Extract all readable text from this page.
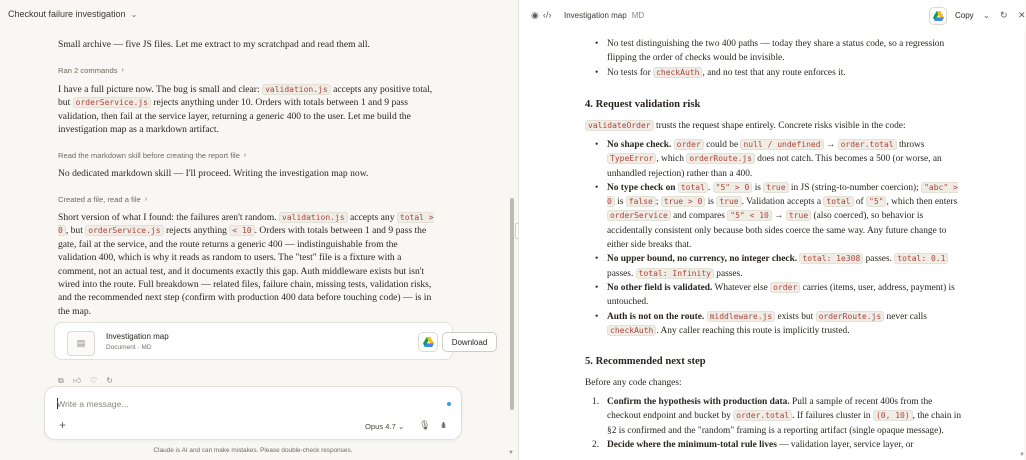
Checkout failure investigation ⌄

Small archive — five JS files. Let me extract to my scratchpad and read them all.

Ran 2 commands ›

I have a full picture now. The bug is small and clear: validation.js accepts any positive total, but orderService.js rejects anything under 10. Orders with totals between 1 and 9 pass validation, then fail at the service layer, returning a generic 400 to the user. Let me build the investigation map as a markdown artifact.

Read the markdown skill before creating the report file ›

No dedicated markdown skill — I'll proceed. Writing the investigation map now.

Created a file, read a file ›

Short version of what I found: the failures aren't random. validation.js accepts any total > 0 , but orderService.js rejects anything < 10 . Orders with totals between 1 and 9 pass the gate, fail at the service, and the route returns a generic 400 — indistinguishable from the validation 400, which is why it reads as random to users. The "test" file is a fixture with a comment, not an actual test, and it documents exactly this gap. Auth middleware exists but isn't wired into the route. Full breakdown — related files, failure chain, missing tests, validation risks, and the recommended next step (confirm with production 400 data before touching code) — is in the map.

▤
Investigation map
Document · MD
Download
⧉ 👍︎ ♡ ↻
Write a message...
+	Opus 4.7 ⌄ 🎙︎ ıllı
Claude is AI and can make mistakes. Please double-check responses.	▼
◉ ‹/› Investigation map MD	Copy ⌄ ↻ ✕
• No test distinguishing the two 400 paths — today they share a status code, so a regression flipping the order of checks would be invisible.
• No tests for checkAuth , and no test that any route enforces it.
4. Request validation risk

validateOrder trusts the request shape entirely. Concrete risks visible in the code:

• No shape check. order could be null / undefined → order.total throws TypeError , which orderRoute.js does not catch. This becomes a 500 (or worse, an unhandled rejection) rather than a 400.
• No type check on total . "5" > 0 is true in JS (string-to-number coercion); "abc" > 0 is false ; true > 0 is true . Validation accepts a total of "5" , which then enters orderService and compares "5" < 10 → true (also coerced), so behavior is accidentally consistent only because both sides coerce the same way. Any future change to either side breaks that.
• No upper bound, no currency, no integer check. total: 1e308 passes. total: 0.1 passes. total: Infinity passes.
• No other field is validated. Whatever else order carries (items, user, address, payment) is untouched.
• Auth is not on the route. middleware.js exists but orderRoute.js never calls checkAuth . Any caller reaching this route is implicitly trusted.
5. Recommended next step

Before any code changes:

1. Confirm the hypothesis with production data. Pull a sample of recent 400s from the checkout endpoint and bucket by order.total . If failures cluster in (0, 10) , the chain in §2 is confirmed and the "random" framing is a reporting artifact (single opaque message).
2. Decide where the minimum-total rule lives — validation layer, service layer, or
▼
